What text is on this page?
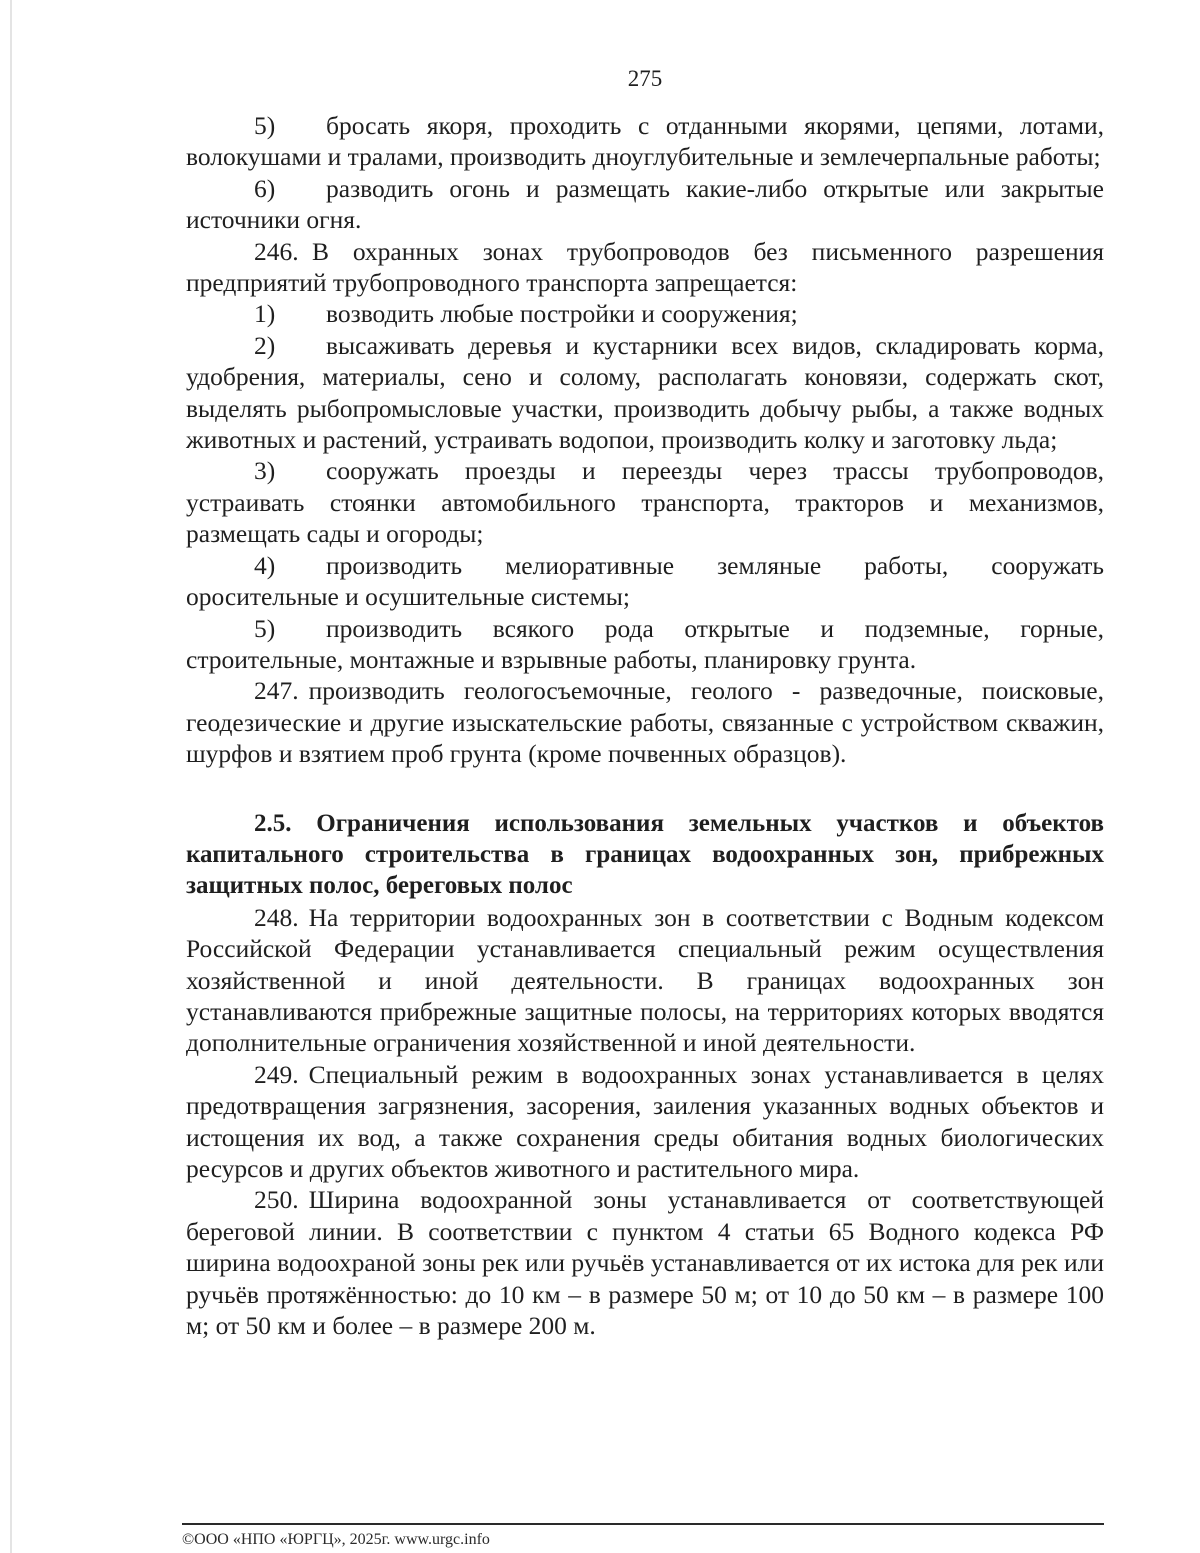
275

5) бросать якоря, проходить с отданными якорями, цепями, лотами, волокушами и тралами, производить дноуглубительные и землечерпальные работы;

6) разводить огонь и размещать какие-либо открытые или закрытые источники огня.

246. В охранных зонах трубопроводов без письменного разрешения предприятий трубопроводного транспорта запрещается:

1) возводить любые постройки и сооружения;

2) высаживать деревья и кустарники всех видов, складировать корма, удобрения, материалы, сено и солому, располагать коновязи, содержать скот, выделять рыбопромысловые участки, производить добычу рыбы, а также водных животных и растений, устраивать водопои, производить колку и заготовку льда;

3) сооружать проезды и переезды через трассы трубопроводов, устраивать стоянки автомобильного транспорта, тракторов и механизмов, размещать сады и огороды;

4) производить мелиоративные земляные работы, сооружать оросительные и осушительные системы;

5) производить всякого рода открытые и подземные, горные, строительные, монтажные и взрывные работы, планировку грунта.

247. производить геологосъемочные, геолого - разведочные, поисковые, геодезические и другие изыскательские работы, связанные с устройством скважин, шурфов и взятием проб грунта (кроме почвенных образцов).

2.5. Ограничения использования земельных участков и объектов капитального строительства в границах водоохранных зон, прибрежных защитных полос, береговых полос

248. На территории водоохранных зон в соответствии с Водным кодексом Российской Федерации устанавливается специальный режим осуществления хозяйственной и иной деятельности. В границах водоохранных зон устанавливаются прибрежные защитные полосы, на территориях которых вводятся дополнительные ограничения хозяйственной и иной деятельности.

249. Специальный режим в водоохранных зонах устанавливается в целях предотвращения загрязнения, засорения, заиления указанных водных объектов и истощения их вод, а также сохранения среды обитания водных биологических ресурсов и других объектов животного и растительного мира.

250. Ширина водоохранной зоны устанавливается от соответствующей береговой линии. В соответствии с пунктом 4 статьи 65 Водного кодекса РФ ширина водоохраной зоны рек или ручьёв устанавливается от их истока для рек или ручьёв протяжённостью: до 10 км – в размере 50 м; от 10 до 50 км – в размере 100 м; от 50 км и более – в размере 200 м.

©ООО «НПО «ЮРГЦ», 2025г. www.urgc.info
